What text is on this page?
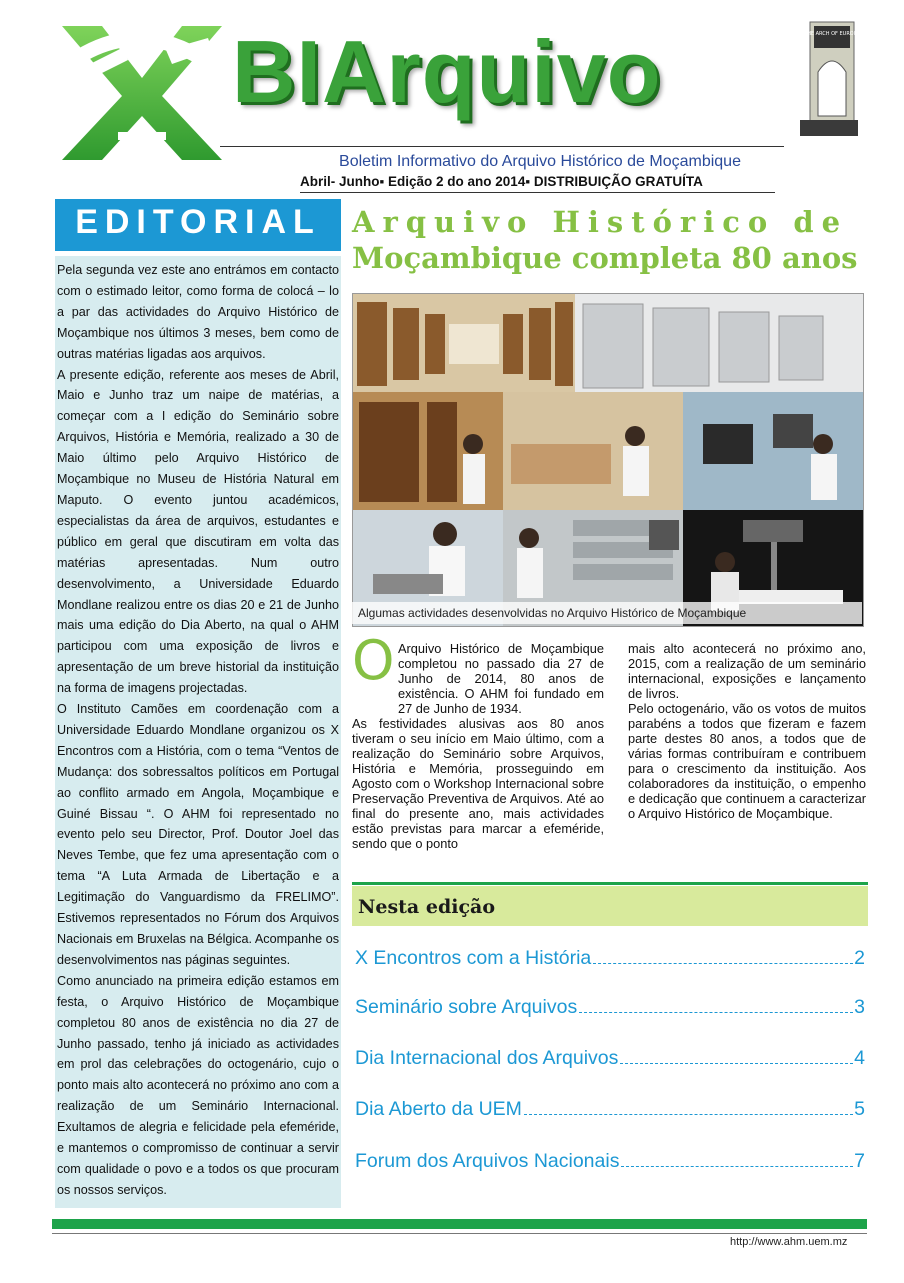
BIArquivo	THE ARCH OF EUROPE
Boletim Informativo do Arquivo Histórico de Moçambique
Abril- Junho▪ Edição 2 do ano 2014▪ DISTRIBUIÇÃO GRATUÍTA
EDITORIAL

Pela segunda vez este ano entrámos em contacto com o estimado leitor, como forma de colocá – lo a par das actividades do Arquivo Histórico de Moçambique nos últimos 3 meses, bem como de outras matérias ligadas aos arquivos.

A presente edição, referente aos meses de Abril, Maio e Junho traz um naipe de matérias, a começar com a I edição do Seminário sobre Arquivos, História e Memória, realizado a 30 de Maio último pelo Arquivo Histórico de Moçambique no Museu de História Natural em Maputo. O evento juntou académicos, especialistas da área de arquivos, estudantes e público em geral que discutiram em volta das matérias apresentadas. Num outro desenvolvimento, a Universidade Eduardo Mondlane realizou entre os dias 20 e 21 de Junho mais uma edição do Dia Aberto, na qual o AHM participou com uma exposição de livros e apresentação de um breve historial da instituição na forma de imagens projectadas.

O Instituto Camões em coordenação com a Universidade Eduardo Mondlane organizou os X Encontros com a História, com o tema “Ventos de Mudança: dos sobressaltos políticos em Portugal ao conflito armado em Angola, Moçambique e Guiné Bissau “. O AHM foi representado no evento pelo seu Director, Prof. Doutor Joel das Neves Tembe, que fez uma apresentação com o tema “A Luta Armada de Libertação e a Legitimação do Vanguardismo da FRELIMO”. Estivemos representados no Fórum dos Arquivos Nacionais em Bruxelas na Bélgica. Acompanhe os desenvolvimentos nas páginas seguintes.

Como anunciado na primeira edição estamos em festa, o Arquivo Histórico de Moçambique completou 80 anos de existência no dia 27 de Junho passado, tenho já iniciado as actividades em prol das celebrações do octogenário, cujo o ponto mais alto acontecerá no próximo ano com a realização de um Seminário Internacional. Exultamos de alegria e felicidade pela efeméride, e mantemos o compromisso de continuar a servir com qualidade o povo e a todos os que procuram os nossos serviços.

Arquivo Histórico de
Moçambique completa 80 anos
Algumas actividades desenvolvidas no Arquivo Histórico de Moçambique
O Arquivo Histórico de Moçambique completou no passado dia 27 de Junho de 2014, 80 anos de existência. O AHM foi fundado em 27 de Junho de 1934.

As festividades alusivas aos 80 anos tiveram o seu início em Maio último, com a realização do Seminário sobre Arquivos, História e Memória, prosseguindo em Agosto com o Workshop Internacional sobre Preservação Preventiva de Arquivos. Até ao final do presente ano, mais actividades estão previstas para marcar a efeméride, sendo que o ponto

mais alto acontecerá no próximo ano, 2015, com a realização de um seminário internacional, exposições e lançamento de livros.

Pelo octogenário, vão os votos de muitos parabéns a todos que fizeram e fazem parte destes 80 anos, a todos que de várias formas contribuíram e contribuem para o crescimento da instituição. Aos colaboradores da instituição, o empenho e dedicação que continuem a caracterizar o Arquivo Histórico de Moçambique.

Nesta edição
X Encontros com a História	2
Seminário sobre Arquivos	3
Dia Internacional dos Arquivos	4
Dia Aberto da UEM	5
Forum dos Arquivos Nacionais	7
http://www.ahm.uem.mz
